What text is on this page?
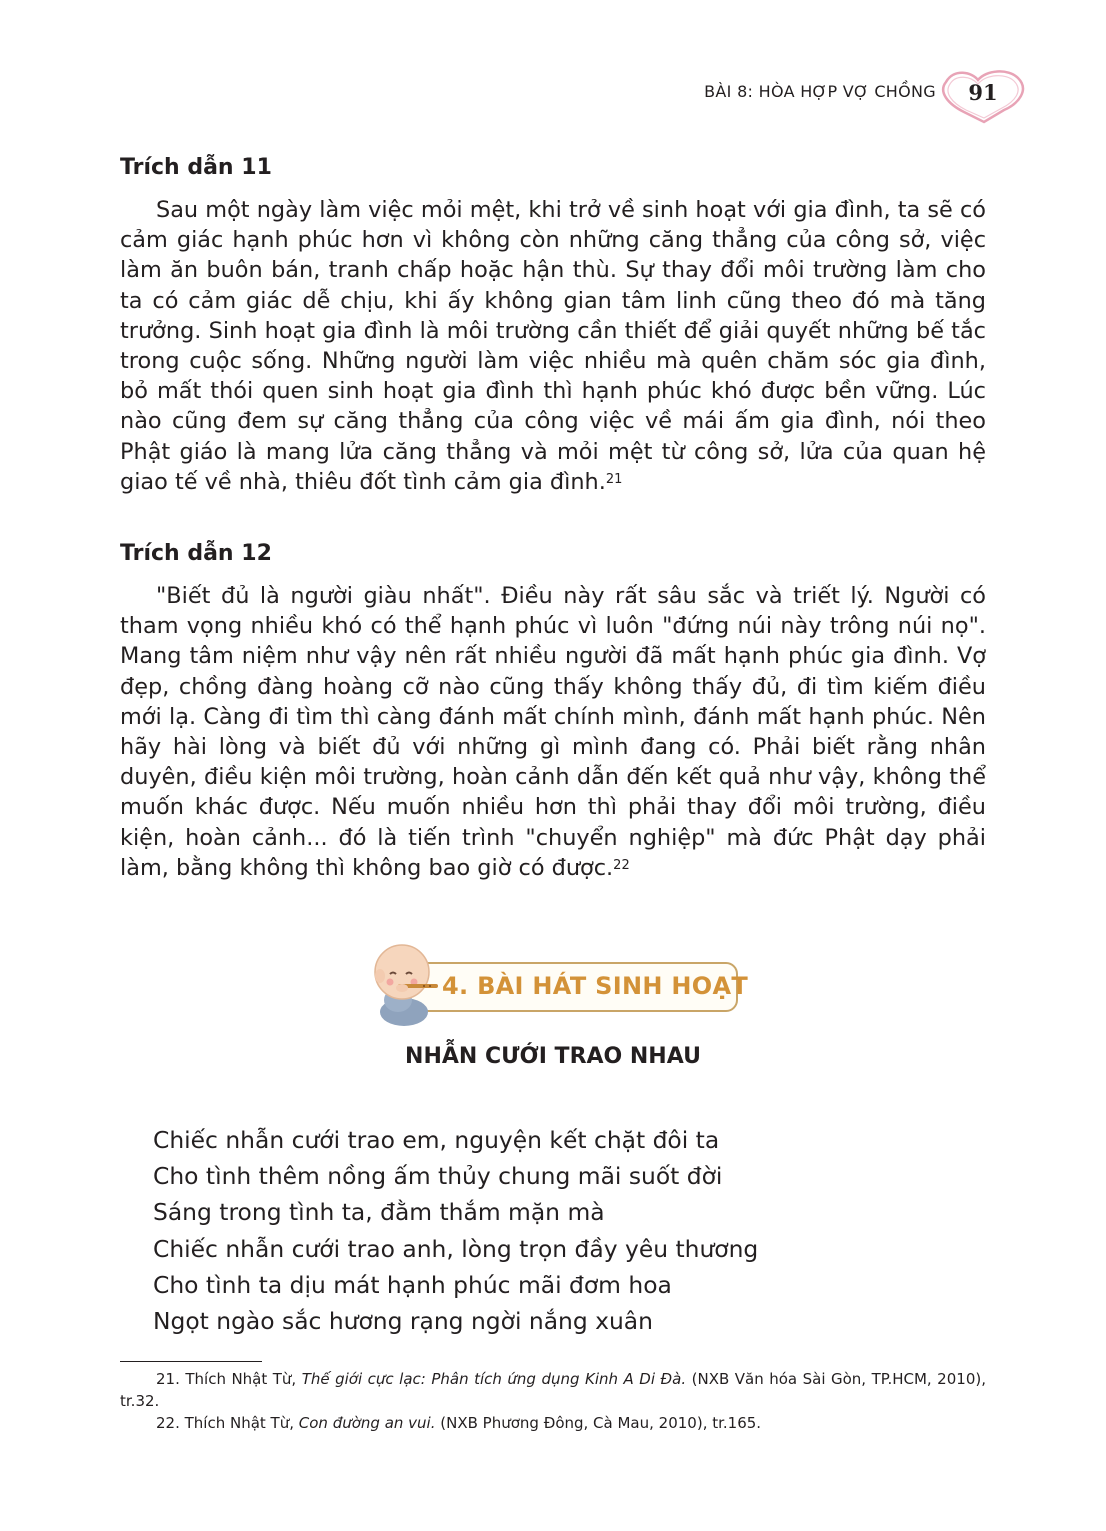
BÀI 8: HÒA HỢP VỢ CHỒNG	91
Trích dẫn 11

Sau một ngày làm việc mỏi mệt, khi trở về sinh hoạt với gia đình, ta sẽ có cảm giác hạnh phúc hơn vì không còn những căng thẳng của công sở, việc làm ăn buôn bán, tranh chấp hoặc hận thù. Sự thay đổi môi trường làm cho ta có cảm giác dễ chịu, khi ấy không gian tâm linh cũng theo đó mà tăng trưởng. Sinh hoạt gia đình là môi trường cần thiết để giải quyết những bế tắc trong cuộc sống. Những người làm việc nhiều mà quên chăm sóc gia đình, bỏ mất thói quen sinh hoạt gia đình thì hạnh phúc khó được bền vững. Lúc nào cũng đem sự căng thẳng của công việc về mái ấm gia đình, nói theo Phật giáo là mang lửa căng thẳng và mỏi mệt từ công sở, lửa của quan hệ giao tế về nhà, thiêu đốt tình cảm gia đình.$^{21}$

Trích dẫn 12

"Biết đủ là người giàu nhất". Điều này rất sâu sắc và triết lý. Người có tham vọng nhiều khó có thể hạnh phúc vì luôn "đứng núi này trông núi nọ". Mang tâm niệm như vậy nên rất nhiều người đã mất hạnh phúc gia đình. Vợ đẹp, chồng đàng hoàng cỡ nào cũng thấy không thấy đủ, đi tìm kiếm điều mới lạ. Càng đi tìm thì càng đánh mất chính mình, đánh mất hạnh phúc. Nên hãy hài lòng và biết đủ với những gì mình đang có. Phải biết rằng nhân duyên, điều kiện môi trường, hoàn cảnh dẫn đến kết quả như vậy, không thể muốn khác được. Nếu muốn nhiều hơn thì phải thay đổi môi trường, điều kiện, hoàn cảnh... đó là tiến trình "chuyển nghiệp" mà đức Phật dạy phải làm, bằng không thì không bao giờ có được.$^{22}$

4. BÀI HÁT SINH HOẠT
NHẪN CƯỚI TRAO NHAU
Chiếc nhẫn cưới trao em, nguyện kết chặt đôi ta
Cho tình thêm nồng ấm thủy chung mãi suốt đời
Sáng trong tình ta, đằm thắm mặn mà
Chiếc nhẫn cưới trao anh, lòng trọn đầy yêu thương
Cho tình ta dịu mát hạnh phúc mãi đơm hoa
Ngọt ngào sắc hương rạng ngời nắng xuân

21. Thích Nhật Từ, Thế giới cực lạc: Phân tích ứng dụng Kinh A Di Đà. (NXB Văn hóa Sài Gòn, TP.HCM, 2010), tr.32.

22. Thích Nhật Từ, Con đường an vui. (NXB Phương Đông, Cà Mau, 2010), tr.165.
